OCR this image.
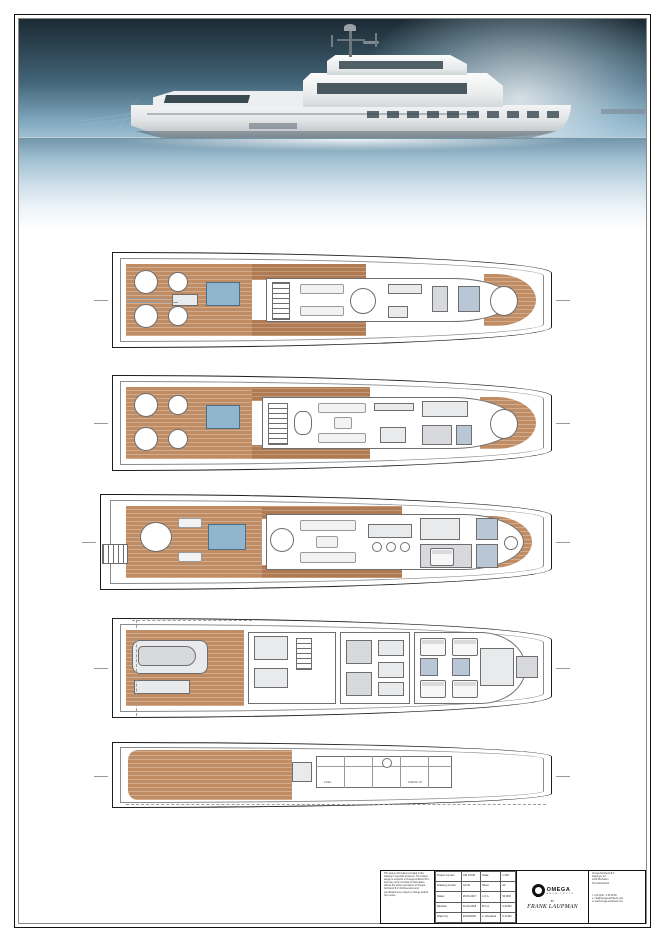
FUEL	FRESH W.

This design information provided in this drawing is copyright protected. The subject design is exclusive to Omega Architects B.V. and may not be provided to third parties without the written permission of Omega Architects B.V. All dimensions and specifications are subject to change without prior notice.

Project number	OM 16736	Scale	1:100
Drawing number	GA 02	Sheet	A2
Status	28-06-2017	L.O.A.	50 MtR
Revision	10-02-2018	B.O.A.	9.40 Mtr
Drawn by	04/14/2020	A. Woudstra	9.10 Mtr
OMEGA
A R C H I T E C T S
BY
FRANK LAUPMAN

Omega Architects B.V.

Kappeyne 23

1234 AB Zuiden

The Netherlands

t. +31 (0)40 - 2 66 66 66

e. info@omega-architects.com

w. www.omega-architects.com
